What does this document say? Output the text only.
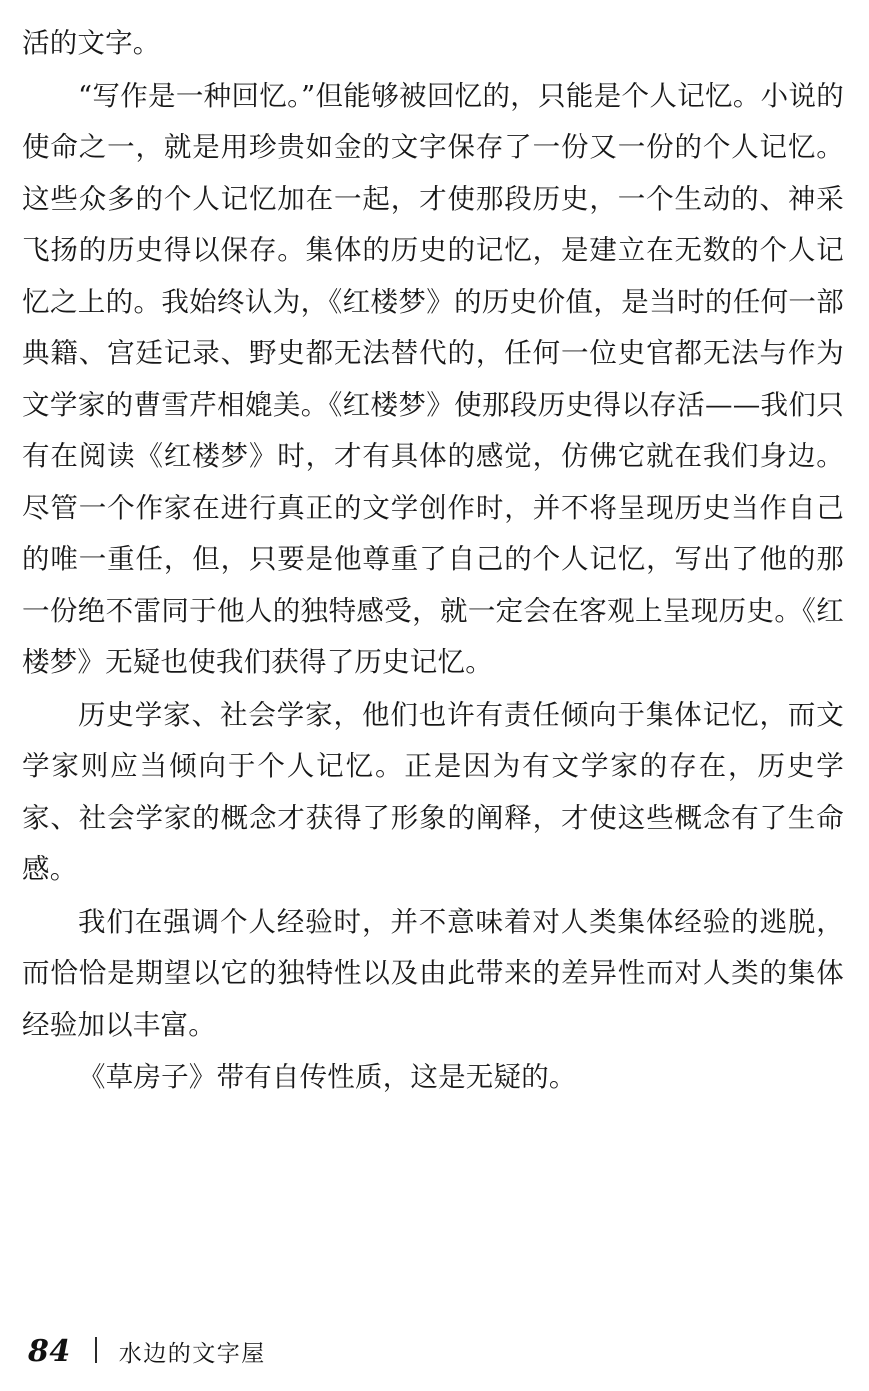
活的文字。

“写作是一种回忆。”但能够被回忆的，只能是个人记忆。小说的使命之一，就是用珍贵如金的文字保存了一份又一份的个人记忆。这些众多的个人记忆加在一起，才使那段历史，一个生动的、神采飞扬的历史得以保存。集体的历史的记忆，是建立在无数的个人记忆之上的。我始终认为，《红楼梦》的历史价值，是当时的任何一部典籍、宫廷记录、野史都无法替代的，任何一位史官都无法与作为文学家的曹雪芹相媲美。《红楼梦》使那段历史得以存活——我们只有在阅读《红楼梦》时，才有具体的感觉，仿佛它就在我们身边。尽管一个作家在进行真正的文学创作时，并不将呈现历史当作自己的唯一重任，但，只要是他尊重了自己的个人记忆，写出了他的那一份绝不雷同于他人的独特感受，就一定会在客观上呈现历史。《红楼梦》无疑也使我们获得了历史记忆。

历史学家、社会学家，他们也许有责任倾向于集体记忆，而文学家则应当倾向于个人记忆。正是因为有文学家的存在，历史学家、社会学家的概念才获得了形象的阐释，才使这些概念有了生命感。

我们在强调个人经验时，并不意味着对人类集体经验的逃脱，而恰恰是期望以它的独特性以及由此带来的差异性而对人类的集体经验加以丰富。

《草房子》带有自传性质，这是无疑的。

84 水边的文字屋
